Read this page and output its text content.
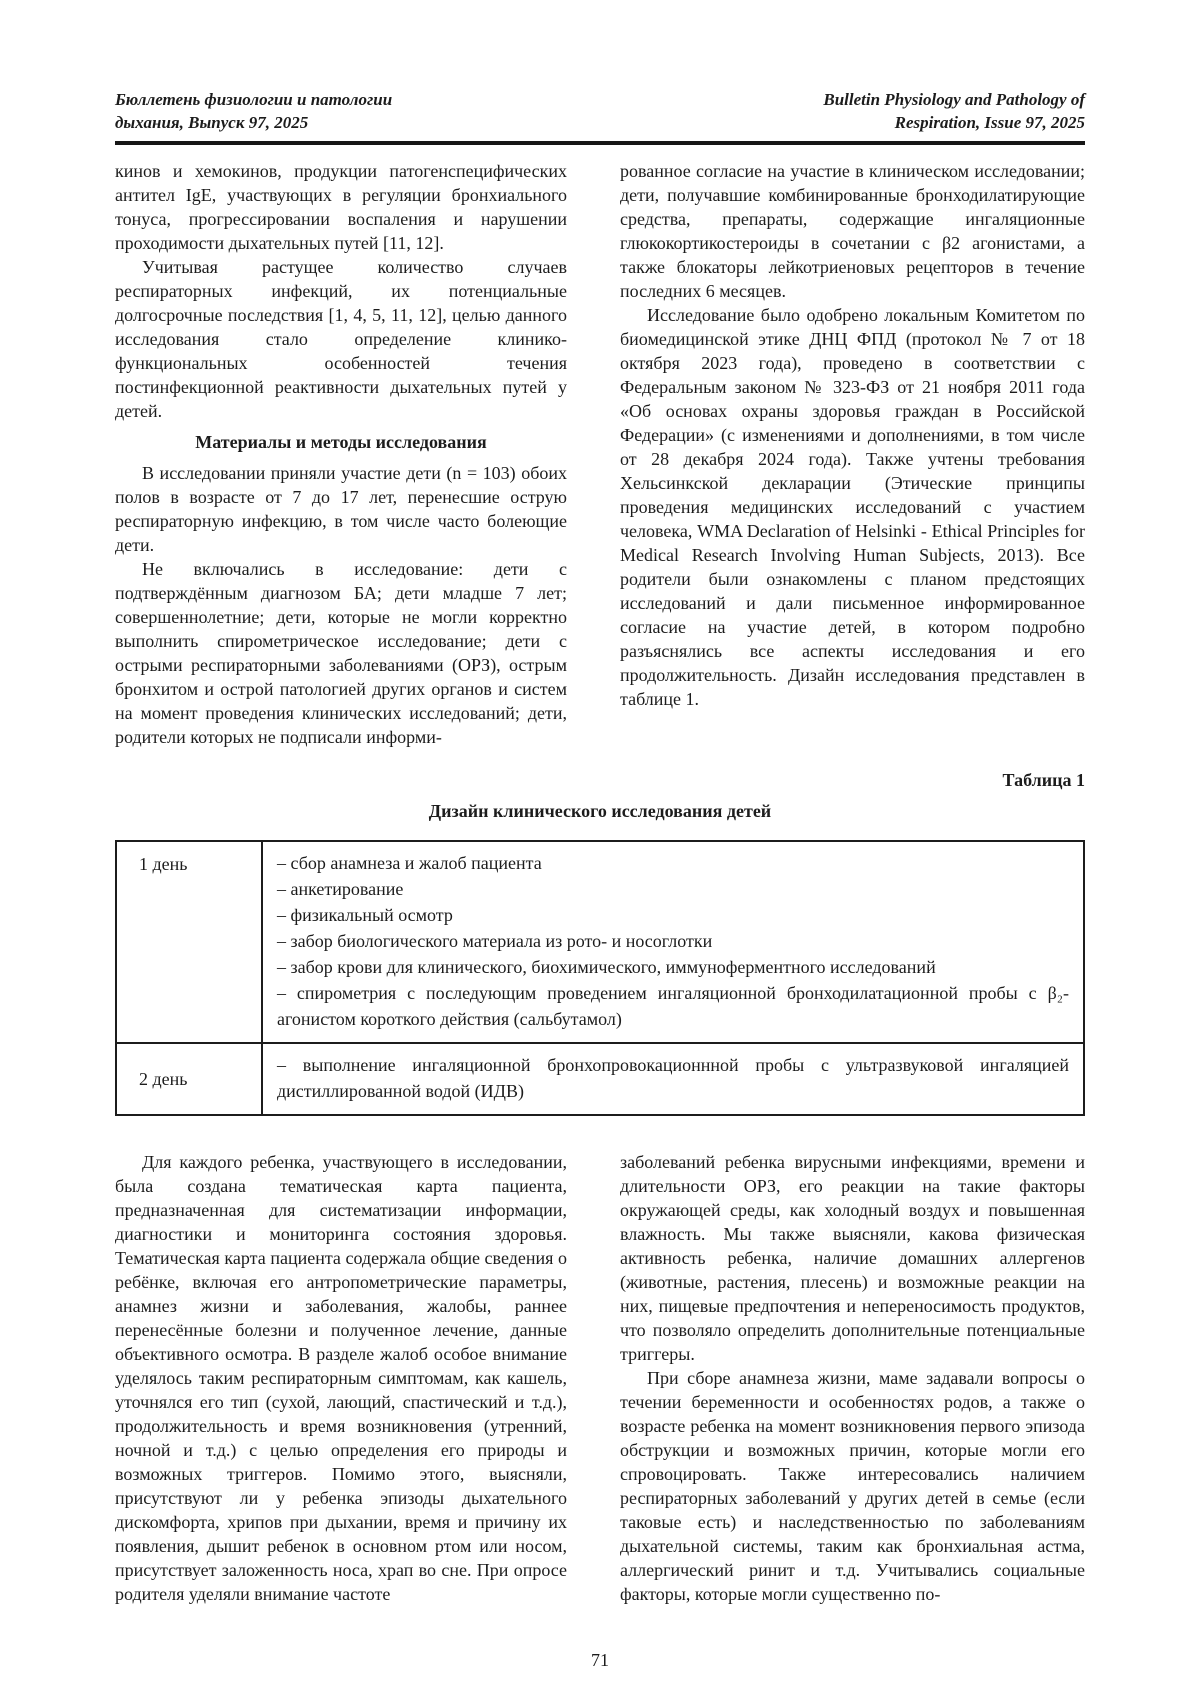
Бюллетень физиологии и патологии
дыхания, Выпуск 97, 2025
Bulletin Physiology and Pathology of
Respiration, Issue 97, 2025

кинов и хемокинов, продукции патогенспецифических антител IgE, участвующих в регуляции бронхиального тонуса, прогрессировании воспаления и нарушении проходимости дыхательных путей [11, 12].

Учитывая растущее количество случаев респираторных инфекций, их потенциальные долгосрочные последствия [1, 4, 5, 11, 12], целью данного исследования стало определение клинико-функциональных особенностей течения постинфекционной реактивности дыхательных путей у детей.

Материалы и методы исследования

В исследовании приняли участие дети (n = 103) обоих полов в возрасте от 7 до 17 лет, перенесшие острую респираторную инфекцию, в том числе часто болеющие дети.

Не включались в исследование: дети с подтверждённым диагнозом БА; дети младше 7 лет; совершеннолетние; дети, которые не могли корректно выполнить спирометрическое исследование; дети с острыми респираторными заболеваниями (ОРЗ), острым бронхитом и острой патологией других органов и систем на момент проведения клинических исследований; дети, родители которых не подписали информи-

рованное согласие на участие в клиническом исследовании; дети, получавшие комбинированные бронходилатирующие средства, препараты, содержащие ингаляционные глюкокортикостероиды в сочетании с β2 агонистами, а также блокаторы лейкотриеновых рецепторов в течение последних 6 месяцев.

Исследование было одобрено локальным Комитетом по биомедицинской этике ДНЦ ФПД (протокол № 7 от 18 октября 2023 года), проведено в соответствии с Федеральным законом № 323-ФЗ от 21 ноября 2011 года «Об основах охраны здоровья граждан в Российской Федерации» (с изменениями и дополнениями, в том числе от 28 декабря 2024 года). Также учтены требования Хельсинкской декларации (Этические принципы проведения медицинских исследований с участием человека, WMA Declaration of Helsinki - Ethical Principles for Medical Research Involving Human Subjects, 2013). Все родители были ознакомлены с планом предстоящих исследований и дали письменное информированное согласие на участие детей, в котором подробно разъяснялись все аспекты исследования и его продолжительность. Дизайн исследования представлен в таблице 1.

Таблица 1
Дизайн клинического исследования детей
1 день	– сбор анамнеза и жалоб пациента
– анкетирование
– физикальный осмотр
– забор биологического материала из рото- и носоглотки
– забор крови для клинического, биохимического, иммуноферментного исследований
– спирометрия с последующим проведением ингаляционной бронходилатационной пробы с β₂-агонистом короткого действия (сальбутамол)

2 день	– выполнение ингаляционной бронхопровокационнной пробы с ультразвуковой ингаляцией дистиллированной водой (ИДВ)

Для каждого ребенка, участвующего в исследовании, была создана тематическая карта пациента, предназначенная для систематизации информации, диагностики и мониторинга состояния здоровья. Тематическая карта пациента содержала общие сведения о ребёнке, включая его антропометрические параметры, анамнез жизни и заболевания, жалобы, раннее перенесённые болезни и полученное лечение, данные объективного осмотра. В разделе жалоб особое внимание уделялось таким респираторным симптомам, как кашель, уточнялся его тип (сухой, лающий, спастический и т.д.), продолжительность и время возникновения (утренний, ночной и т.д.) с целью определения его природы и возможных триггеров. Помимо этого, выясняли, присутствуют ли у ребенка эпизоды дыхательного дискомфорта, хрипов при дыхании, время и причину их появления, дышит ребенок в основном ртом или носом, присутствует заложенность носа, храп во сне. При опросе родителя уделяли внимание частоте

заболеваний ребенка вирусными инфекциями, времени и длительности ОРЗ, его реакции на такие факторы окружающей среды, как холодный воздух и повышенная влажность. Мы также выясняли, какова физическая активность ребенка, наличие домашних аллергенов (животные, растения, плесень) и возможные реакции на них, пищевые предпочтения и непереносимость продуктов, что позволяло определить дополнительные потенциальные триггеры.

При сборе анамнеза жизни, маме задавали вопросы о течении беременности и особенностях родов, а также о возрасте ребенка на момент возникновения первого эпизода обструкции и возможных причин, которые могли его спровоцировать. Также интересовались наличием респираторных заболеваний у других детей в семье (если таковые есть) и наследственностью по заболеваниям дыхательной системы, таким как бронхиальная астма, аллергический ринит и т.д. Учитывались социальные факторы, которые могли существенно по-

71
